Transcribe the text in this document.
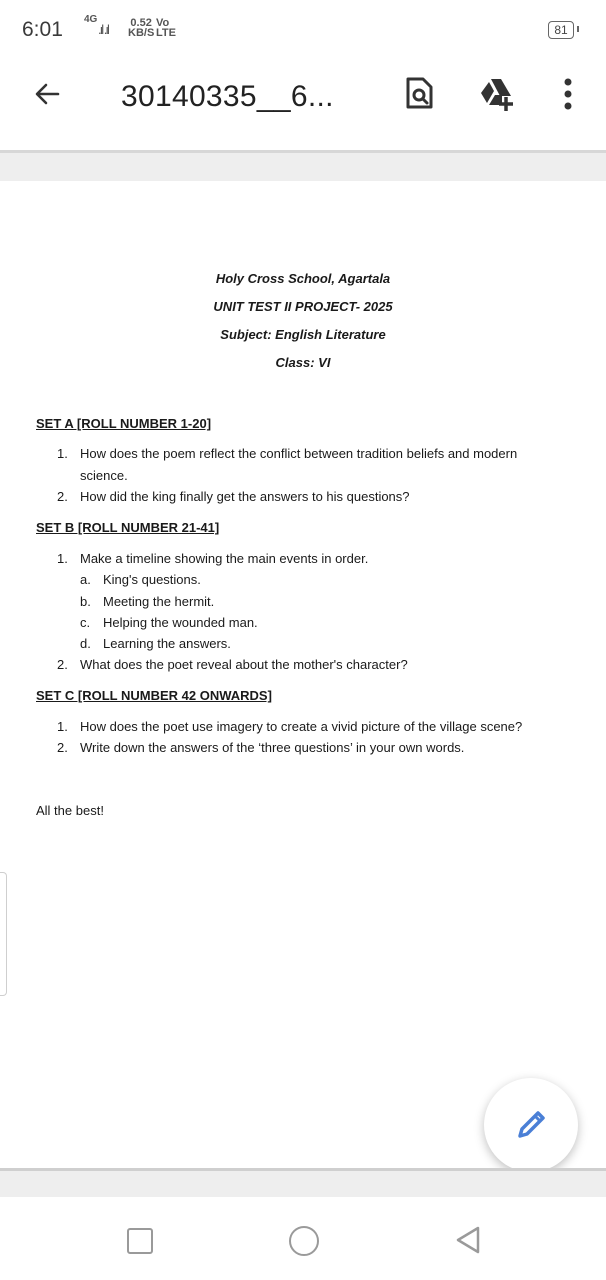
6:01 4G
.ıl .ıl 0.52
KB/S
Vo
LTE	81
30140335__6...
Holy Cross School, Agartala
UNIT TEST II PROJECT- 2025
Subject: English Literature
Class: VI
SET A [ROLL NUMBER 1-20]
1. How does the poem reflect the conflict between tradition beliefs and modern
science.
2. How did the king finally get the answers to his questions?
SET B [ROLL NUMBER 21-41]
1. Make a timeline showing the main events in order.
a. King's questions.
b. Meeting the hermit.
c. Helping the wounded man.
d. Learning the answers.
2. What does the poet reveal about the mother's character?
SET C [ROLL NUMBER 42 ONWARDS]
1. How does the poet use imagery to create a vivid picture of the village scene?
2. Write down the answers of the ‘three questions’ in your own words.
All the best!
